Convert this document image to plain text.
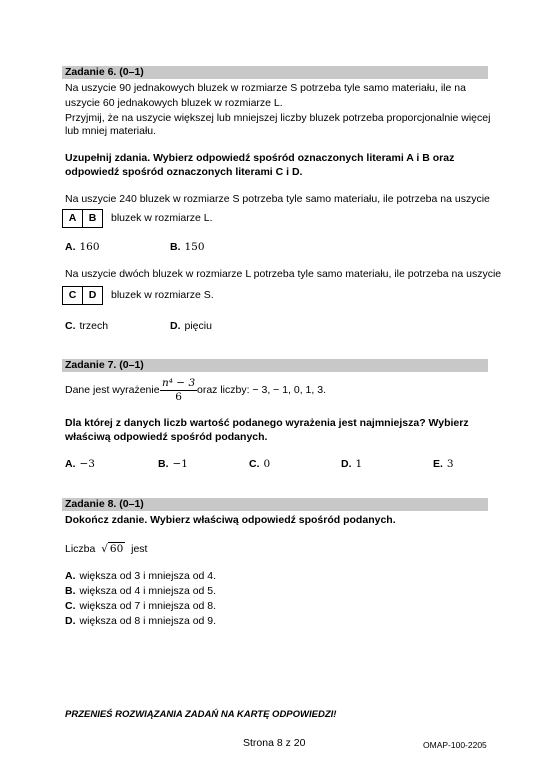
Zadanie 6. (0–1)
Na uszycie 90 jednakowych bluzek w rozmiarze S potrzeba tyle samo materiału, ile na
uszycie 60 jednakowych bluzek w rozmiarze L.
Przyjmij, że na uszycie większej lub mniejszej liczby bluzek potrzeba proporcjonalnie więcej
lub mniej materiału.
Uzupełnij zdania. Wybierz odpowiedź spośród oznaczonych literami A i B oraz
odpowiedź spośród oznaczonych literami C i D.
Na uszycie 240 bluzek w rozmiarze S potrzeba tyle samo materiału, ile potrzeba na uszycie
A	B	bluzek w rozmiarze L.
A. 160	B. 150
Na uszycie dwóch bluzek w rozmiarze L potrzeba tyle samo materiału, ile potrzeba na uszycie
C	D	bluzek w rozmiarze S.
C. trzech	D. pięciu
Zadanie 7. (0–1)
Dane jest wyrażenie $\frac{\text{n⁴ − 3}}{6}$ oraz liczby: − 3, − 1, 0, 1, 3.
Dla której z danych liczb wartość podanego wyrażenia jest najmniejsza? Wybierz
właściwą odpowiedź spośród podanych.
A. −3	B. −1	C. 0	D. 1	E. 3
Zadanie 8. (0–1)
Dokończ zdanie. Wybierz właściwą odpowiedź spośród podanych.
Liczba √ 60 jest
A. większa od 3 i mniejsza od 4.
B. większa od 4 i mniejsza od 5.
C. większa od 7 i mniejsza od 8.
D. większa od 8 i mniejsza od 9.
PRZENIEŚ ROZWIĄZANIA ZADAŃ NA KARTĘ ODPOWIEDZI!
Strona 8 z 20	OMAP-100-2205
